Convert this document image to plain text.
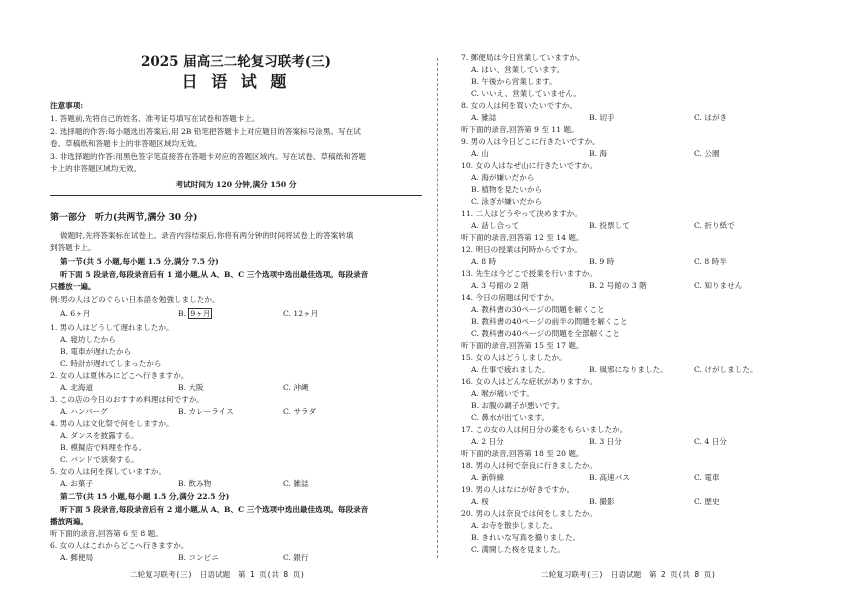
2025 届高三二轮复习联考(三)
日 语 试 题
注意事项:
1. 答题前,先将自己的姓名、准考证号填写在试卷和答题卡上。
2. 选择题的作答:每小题选出答案后,用 2B 铅笔把答题卡上对应题目的答案标号涂黑。写在试
卷、草稿纸和答题卡上的非答题区域均无效。
3. 非选择题的作答:用黑色签字笔直接答在答题卡对应的答题区域内。写在试卷、草稿纸和答题
卡上的非答题区域均无效。
考试时间为 120 分钟,满分 150 分
第一部分　听力(共两节,满分 30 分)
做题时,先将答案标在试卷上。录音内容结束后,你将有两分钟的时间将试卷上的答案转填
到答题卡上。
第一节(共 5 小题,每小题 1.5 分,满分 7.5 分)
听下面 5 段录音,每段录音后有 1 道小题,从 A、B、C 三个选项中选出最佳选项。每段录音
只播放一遍。
例:男の人はどのぐらい日本語を勉強しましたか。
A. 6ヶ月	B. 9ヶ月	C. 12ヶ月
1. 男の人はどうして遅れましたか。
A. 寝坊したから
B. 電車が遅れたから
C. 時計が遅れてしまったから
2. 女の人は夏休みにどこへ行きますか。
A. 北海道	B. 大阪	C. 沖縄
3. この店の今日のおすすめ料理は何ですか。
A. ハンバーグ	B. カレーライス	C. サラダ
4. 男の人は文化祭で何をしますか。
A. ダンスを披露する。
B. 模擬店で料理を作る。
C. バンドで演奏する。
5. 女の人は何を探していますか。
A. お菓子	B. 飲み物	C. 雑誌
第二节(共 15 小题,每小题 1.5 分,满分 22.5 分)
听下面 5 段录音,每段录音后有 2 道小题,从 A、B、C 三个选项中选出最佳选项。每段录音
播放两遍。
听下面的录音,回答第 6 至 8 题。
6. 女の人はこれからどこへ行きますか。
A. 郵便局	B. コンビニ	C. 銀行
二轮复习联考(三)　日语试题　第 1 页(共 8 页)
7. 郵便局は今日営業していますか。
A. はい、営業しています。
B. 午後から営業します。
C. いいえ、営業していません。
8. 女の人は何を買いたいですか。
A. 雑誌	B. 切手	C. はがき
听下面的录音,回答第 9 至 11 题。
9. 男の人は今日どこに行きたいですか。
A. 山	B. 海	C. 公園
10. 女の人はなぜ山に行きたいですか。
A. 海が嫌いだから
B. 植物を見たいから
C. 泳ぎが嫌いだから
11. 二人はどうやって決めますか。
A. 話し合って	B. 投票して	C. 折り紙で
听下面的录音,回答第 12 至 14 题。
12. 明日の授業は何時からですか。
A. 8 時	B. 9 時	C. 8 時半
13. 先生は今どこで授業を行いますか。
A. 3 号館の 2 階	B. 2 号館の 3 階	C. 知りません
14. 今日の宿題は何ですか。
A. 教科書の30ページの問題を解くこと
B. 教科書の40ページの前半の問題を解くこと
C. 教科書の40ページの問題を全部解くこと
听下面的录音,回答第 15 至 17 题。
15. 女の人はどうしましたか。
A. 仕事で疲れました。	B. 風邪になりました。	C. けがしました。
16. 女の人はどんな症状がありますか。
A. 喉が痛いです。
B. お腹の調子が悪いです。
C. 鼻水が出ています。
17. この女の人は何日分の薬をもらいましたか。
A. 2 日分	B. 3 日分	C. 4 日分
听下面的录音,回答第 18 至 20 题。
18. 男の人は何で奈良に行きましたか。
A. 新幹線	B. 高速バス	C. 電車
19. 男の人はなにが好きですか。
A. 桜	B. 撮影	C. 歴史
20. 男の人は奈良では何をしましたか。
A. お寺を散歩しました。
B. きれいな写真を撮りました。
C. 満開した桜を見ました。
二轮复习联考(三)　日语试题　第 2 页(共 8 页)
